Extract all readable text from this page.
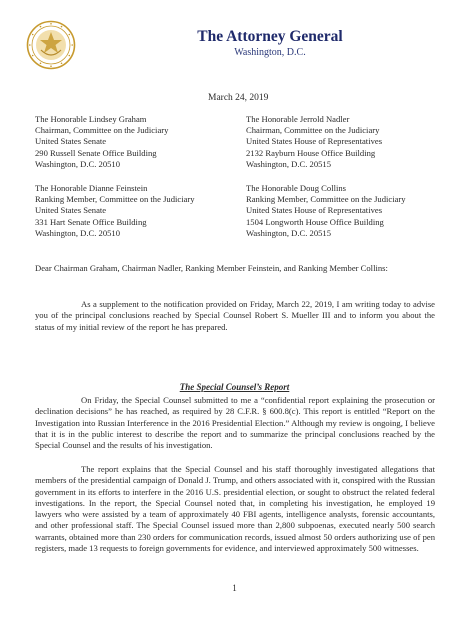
The Attorney General
Washington, D.C.
March 24, 2019
The Honorable Lindsey Graham
Chairman, Committee on the Judiciary
United States Senate
290 Russell Senate Office Building
Washington, D.C. 20510
The Honorable Jerrold Nadler
Chairman, Committee on the Judiciary
United States House of Representatives
2132 Rayburn House Office Building
Washington, D.C. 20515
The Honorable Dianne Feinstein
Ranking Member, Committee on the Judiciary
United States Senate
331 Hart Senate Office Building
Washington, D.C. 20510
The Honorable Doug Collins
Ranking Member, Committee on the Judiciary
United States House of Representatives
1504 Longworth House Office Building
Washington, D.C. 20515
Dear Chairman Graham, Chairman Nadler, Ranking Member Feinstein, and Ranking Member Collins:
As a supplement to the notification provided on Friday, March 22, 2019, I am writing today to advise you of the principal conclusions reached by Special Counsel Robert S. Mueller III and to inform you about the status of my initial review of the report he has prepared.
The Special Counsel’s Report
On Friday, the Special Counsel submitted to me a “confidential report explaining the prosecution or declination decisions” he has reached, as required by 28 C.F.R. § 600.8(c). This report is entitled “Report on the Investigation into Russian Interference in the 2016 Presidential Election.” Although my review is ongoing, I believe that it is in the public interest to describe the report and to summarize the principal conclusions reached by the Special Counsel and the results of his investigation.
The report explains that the Special Counsel and his staff thoroughly investigated allegations that members of the presidential campaign of Donald J. Trump, and others associated with it, conspired with the Russian government in its efforts to interfere in the 2016 U.S. presidential election, or sought to obstruct the related federal investigations. In the report, the Special Counsel noted that, in completing his investigation, he employed 19 lawyers who were assisted by a team of approximately 40 FBI agents, intelligence analysts, forensic accountants, and other professional staff. The Special Counsel issued more than 2,800 subpoenas, executed nearly 500 search warrants, obtained more than 230 orders for communication records, issued almost 50 orders authorizing use of pen registers, made 13 requests to foreign governments for evidence, and interviewed approximately 500 witnesses.
1
